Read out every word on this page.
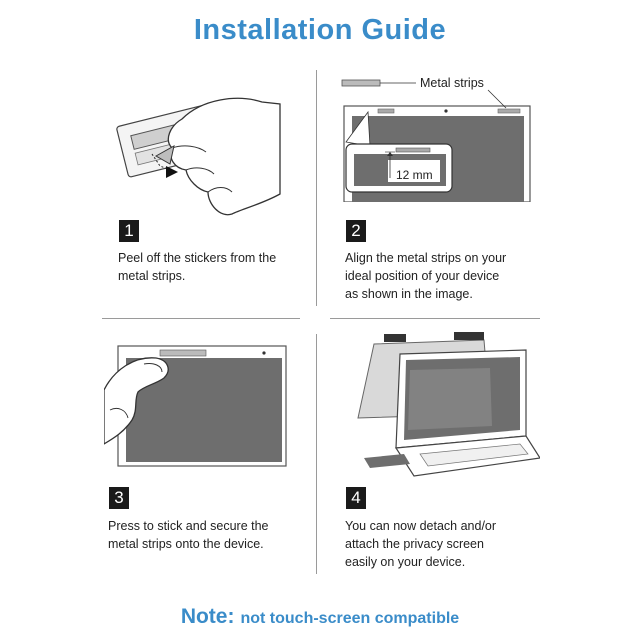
Installation Guide
Metal strips
12 mm
1
Peel off the stickers from the
metal strips.
2
Align the metal strips on your
ideal position of your device
as shown in the image.
3
Press to stick and secure the
metal strips onto the device.
4
You can now detach and/or
attach the privacy screen
easily on your device.
Note: not touch-screen compatible
